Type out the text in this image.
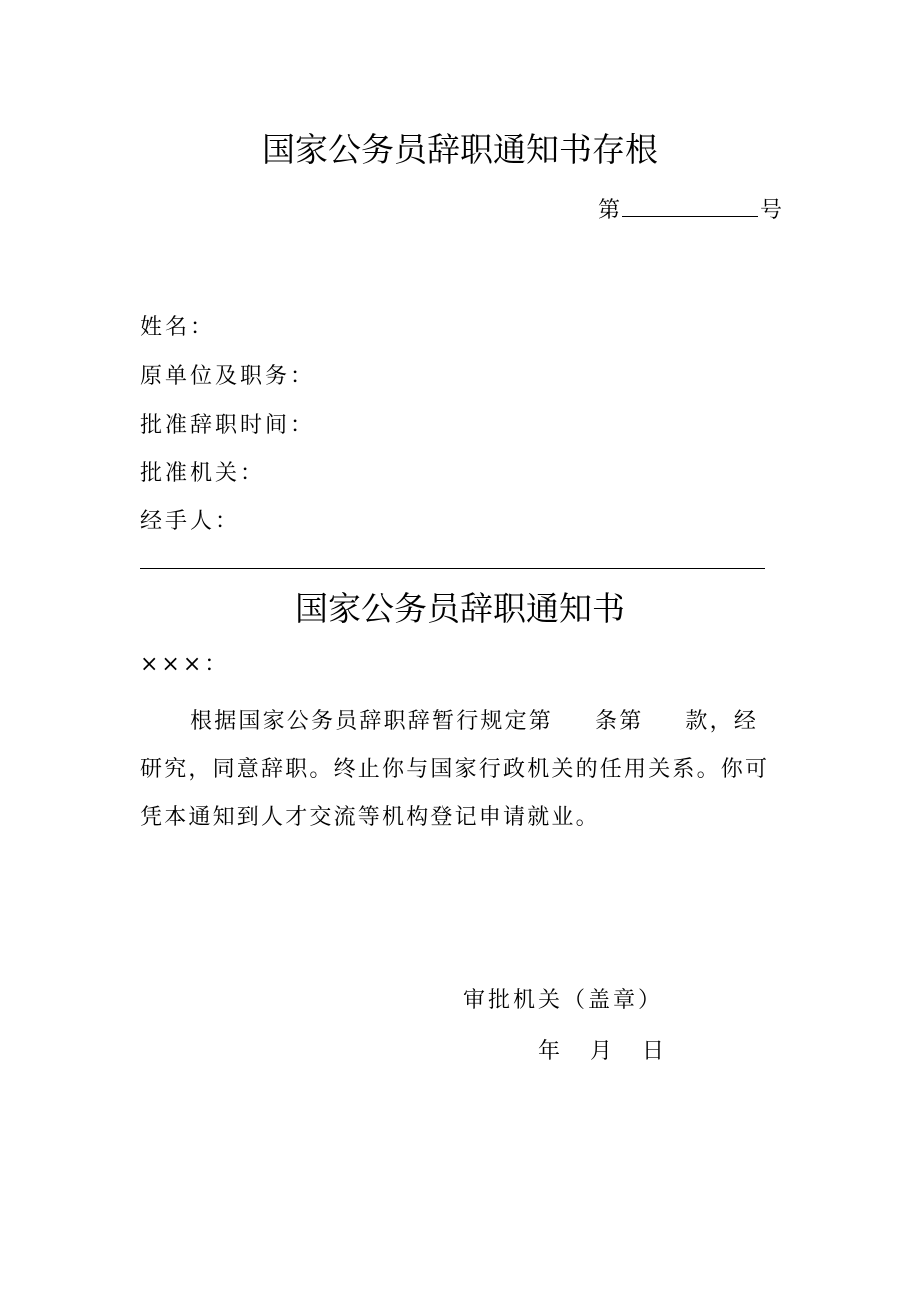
国家公务员辞职通知书存根
第	号
姓名：
原单位及职务：
批准辞职时间：
批准机关：
经手人：
国家公务员辞职通知书
×××：
根据国家公务员辞职辞暂行规定第 条第 款，经研究，同意辞职。终止你与国家行政机关的任用关系。你可凭本通知到人才交流等机构登记申请就业。
审批机关（盖章）
年 月 日
